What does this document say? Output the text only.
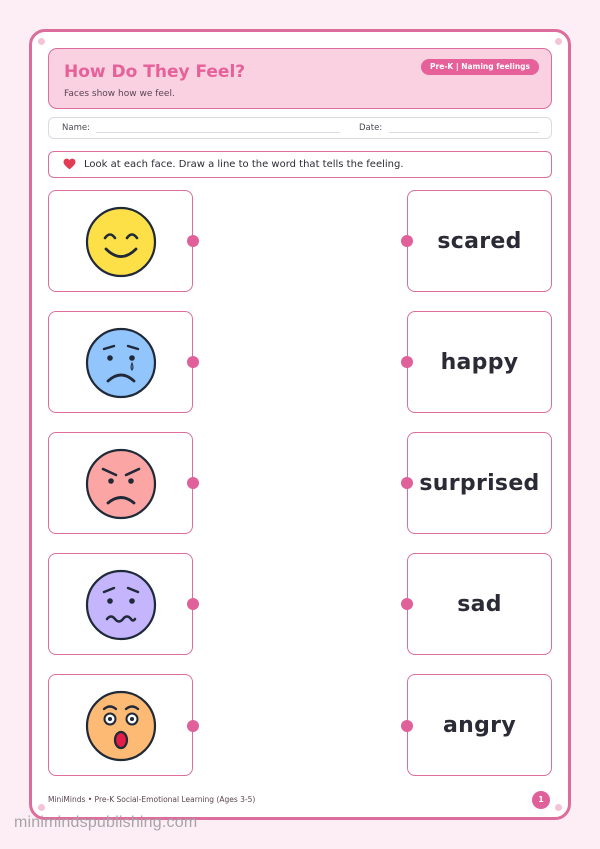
How Do They Feel?
Faces show how we feel.
Pre-K | Naming feelings
Name:	Date:
Look at each face. Draw a line to the word that tells the feeling.
scared
happy
surprised
sad
angry
MiniMinds • Pre-K Social-Emotional Learning (Ages 3-5)	1
minimindspublishing.com
